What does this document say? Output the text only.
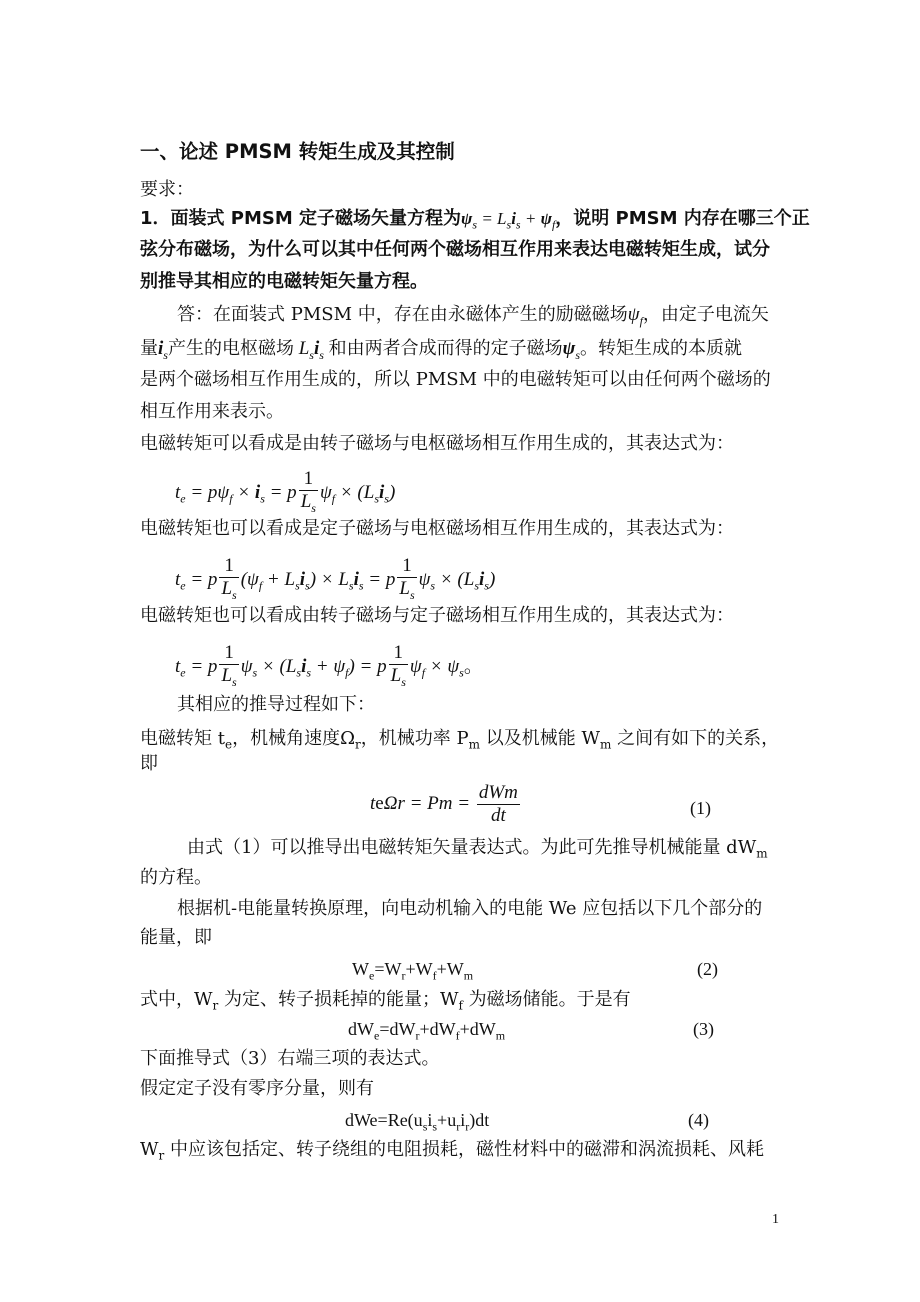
一、论述 PMSM 转矩生成及其控制
要求：
1．面装式 PMSM 定子磁场矢量方程为$\psi_s = L_si_s + \psi_f$，说明 PMSM 内存在哪三个正
弦分布磁场，为什么可以其中任何两个磁场相互作用来表达电磁转矩生成，试分
别推导其相应的电磁转矩矢量方程。
答：在面装式 PMSM 中，存在由永磁体产生的励磁磁场$\psi_f$，由定子电流矢
量$i_s$产生的电枢磁场 $L_si_s$ 和由两者合成而得的定子磁场$\psi_s$。转矩生成的本质就
是两个磁场相互作用生成的，所以 PMSM 中的电磁转矩可以由任何两个磁场的
相互作用来表示。
电磁转矩可以看成是由转子磁场与电枢磁场相互作用生成的，其表达式为：
$t_e = p\psi_f \times i_s = p \frac{1}{L_s} \psi_f \times (L_si_s)$
电磁转矩也可以看成是定子磁场与电枢磁场相互作用生成的，其表达式为：
$t_e = p \frac{1}{L_s} (\psi_f + L_si_s) \times L_si_s = p \frac{1}{L_s} \psi_s \times (L_si_s)$
电磁转矩也可以看成由转子磁场与定子磁场相互作用生成的，其表达式为：
$t_e = p \frac{1}{L_s} \psi_s \times (L_si_s + \psi_f) = p \frac{1}{L_s} \psi_f \times \psi_s$。
其相应的推导过程如下：
电磁转矩 $t_e$，机械角速度$\Omega_r$，机械功率 $P_m$ 以及机械能 $W_m$ 之间有如下的关系，
即
$te\Omega r = Pm = \frac{\text{dWm}}{dt}$	(1)
由式（1）可以推导出电磁转矩矢量表达式。为此可先推导机械能量 $dW_m$
的方程。
根据机-电能量转换原理，向电动机输入的电能 We 应包括以下几个部分的
能量，即
$W_e=W_r+W_f+W_m$	(2)
式中，$W_r$ 为定、转子损耗掉的能量；$W_f$ 为磁场储能。于是有
$dW_e=dW_r+dW_f+dW_m$	(3)
下面推导式（3）右端三项的表达式。
假定定子没有零序分量，则有
$dWe=Re(u_si_s+u_ri_r)dt$	(4)
$W_r$ 中应该包括定、转子绕组的电阻损耗，磁性材料中的磁滞和涡流损耗、风耗
1
